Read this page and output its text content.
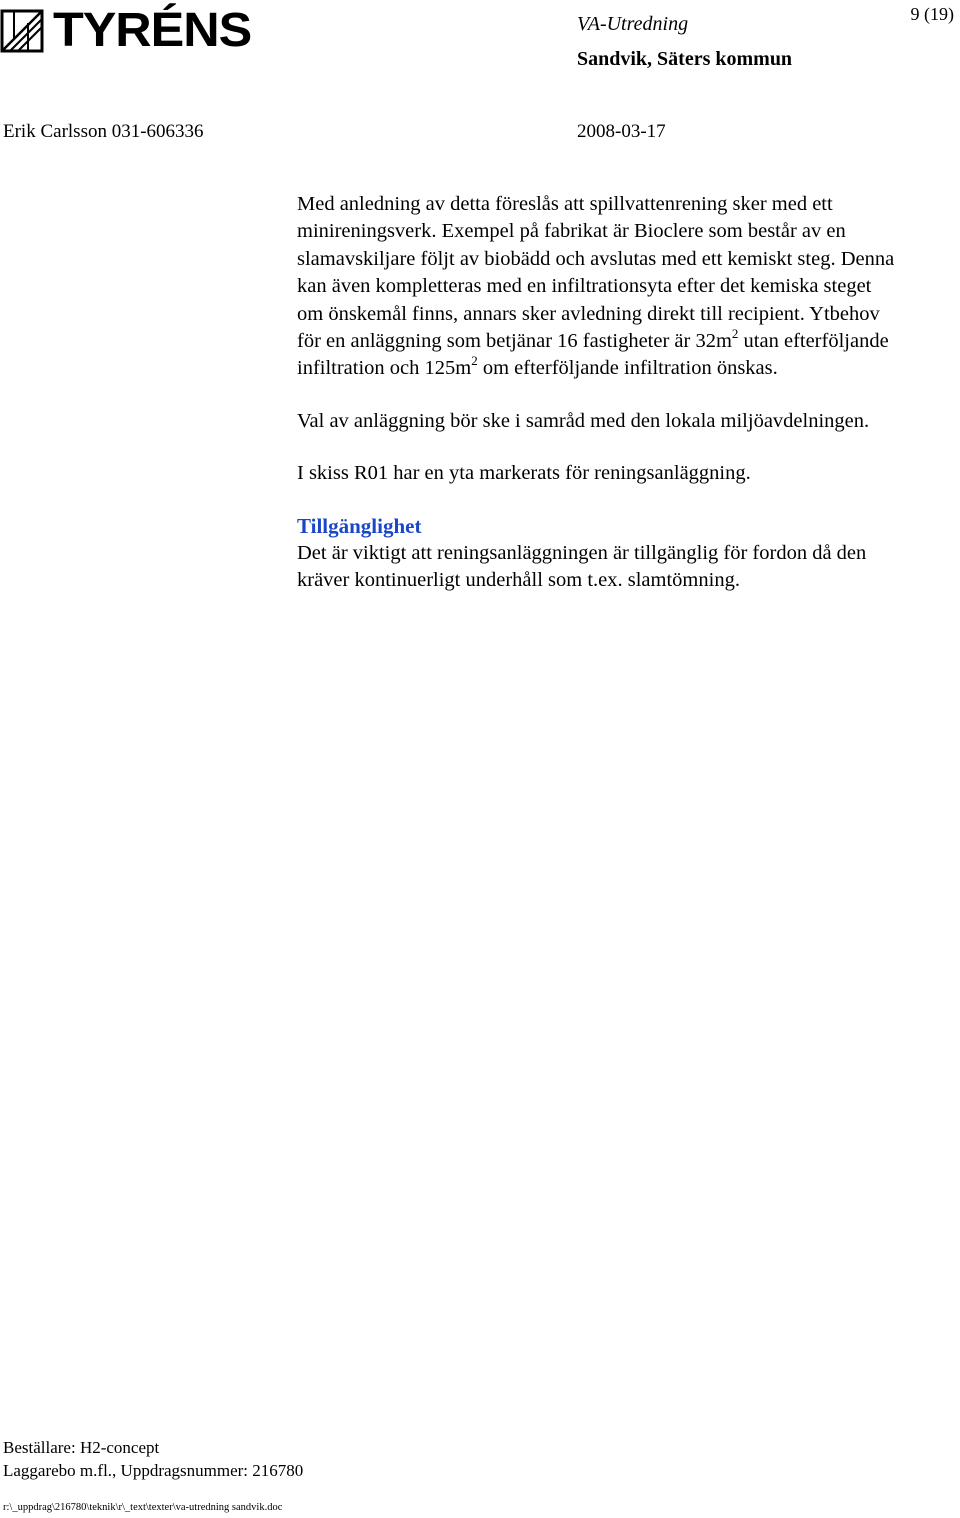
TYRÉNS	9 (19)
VA-Utredning
Sandvik, Säters kommun
Erik Carlsson 031-606336	2008-03-17

Med anledning av detta föreslås att spillvattenrening sker med ett minireningsverk. Exempel på fabrikat är Bioclere som består av en slamavskiljare följt av biobädd och avslutas med ett kemiskt steg. Denna kan även kompletteras med en infiltrationsyta efter det kemiska steget om önskemål finns, annars sker avledning direkt till recipient. Ytbehov för en anläggning som betjänar 16 fastigheter är $32m^2$ utan efterföljande infiltration och $125m^2$ om efterföljande infiltration önskas.

Val av anläggning bör ske i samråd med den lokala miljöavdelningen.

I skiss R01 har en yta markerats för reningsanläggning.

Tillgänglighet

Det är viktigt att reningsanläggningen är tillgänglig för fordon då den kräver kontinuerligt underhåll som t.ex. slamtömning.

Beställare: H2-concept
Laggarebo m.fl., Uppdragsnummer: 216780
r:\_uppdrag\216780\teknik\r\_text\texter\va-utredning sandvik.doc
